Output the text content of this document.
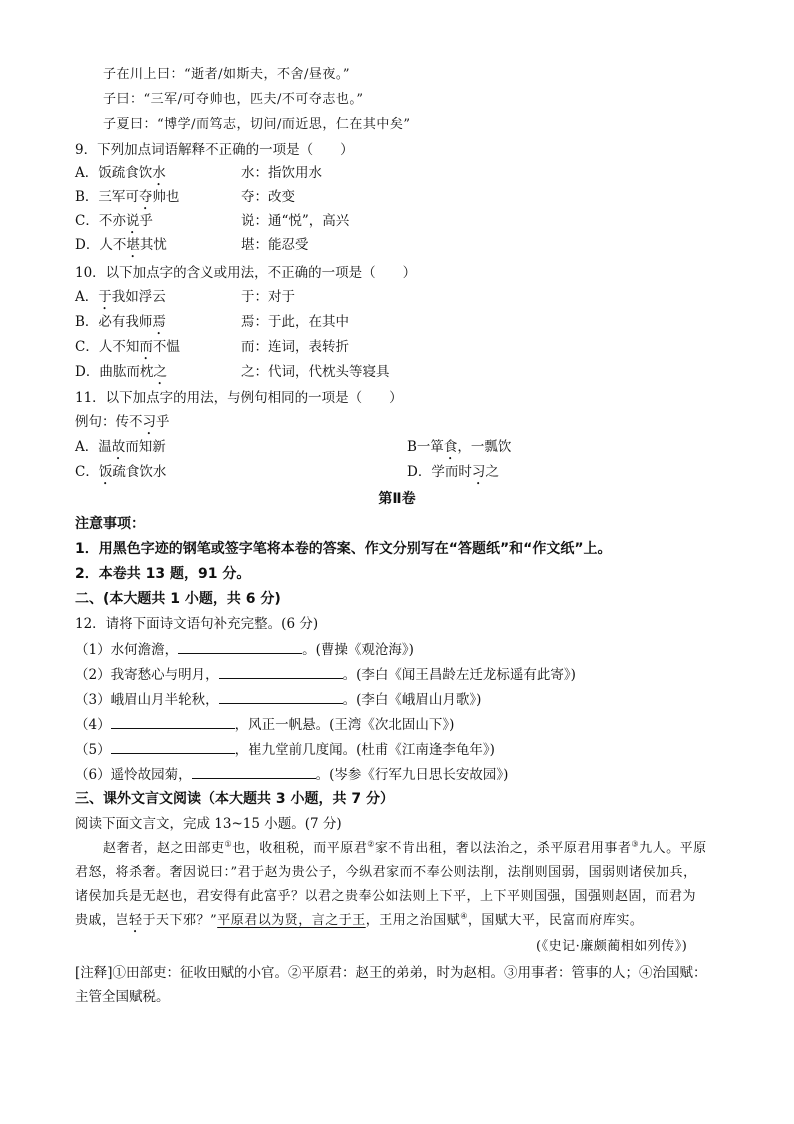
子在川上曰：“逝者/如斯夫，不舍/昼夜。”
子曰：“三军/可夺帅也，匹夫/不可夺志也。”
子夏曰：“博学/而笃志，切问/而近思，仁在其中矣”
9．下列加点词语解释不正确的一项是（　　）
A．饭疏食饮水	水：指饮用水
B．三军可夺帅也	夺：改变
C．不亦说乎	说：通“悦”，高兴
D．人不堪其忧	堪：能忍受
10．以下加点字的含义或用法，不正确的一项是（　　）
A．于我如浮云	于：对于
B．必有我师焉	焉：于此，在其中
C．人不知而不愠	而：连词，表转折
D．曲肱而枕之	之：代词，代枕头等寝具
11．以下加点字的用法，与例句相同的一项是（　　）
例句：传不习乎
A．温故而知新	B一箪食，一瓢饮
C．饭疏食饮水	D．学而时习之
第Ⅱ卷
注意事项：
1．用黑色字迹的钢笔或签字笔将本卷的答案、作文分别写在“答题纸”和“作文纸”上。
2．本卷共 13 题，91 分。
二、(本大题共 1 小题，共 6 分)
12．请将下面诗文语句补充完整。(6 分)
（1）水何澹澹，	。(曹操《观沧海》)
（2）我寄愁心与明月，	。(李白《闻王昌龄左迁龙标遥有此寄》)
（3）峨眉山月半轮秋，	。(李白《峨眉山月歌》)
（4）	，风正一帆悬。(王湾《次北固山下》)
（5）	，崔九堂前几度闻。(杜甫《江南逢李龟年》)
（6）遥怜故园菊，	。(岑参《行军九日思长安故园》)
三、课外文言文阅读（本大题共 3 小题，共 7 分）
阅读下面文言文，完成 13~15 小题。(7 分)
赵奢者，赵之田部吏①也，收租税，而平原君②家不肯出租，奢以法治之，杀平原君用事者③九人。平原
君怒，将杀奢。奢因说曰：”君于赵为贵公子，今纵君家而不奉公则法削，法削则国弱，国弱则诸侯加兵，
诸侯加兵是无赵也，君安得有此富乎？以君之贵奉公如法则上下平，上下平则国强，国强则赵固，而君为
贵戚，岂轻于天下邪？”平原君以为贤，言之于王，王用之治国赋④，国赋大平，民富而府库实。
(《史记·廉颇蔺相如列传》)
[注释]①田部吏：征收田赋的小官。②平原君：赵王的弟弟，时为赵相。③用事者：管事的人；④治国赋：
主管全国赋税。
